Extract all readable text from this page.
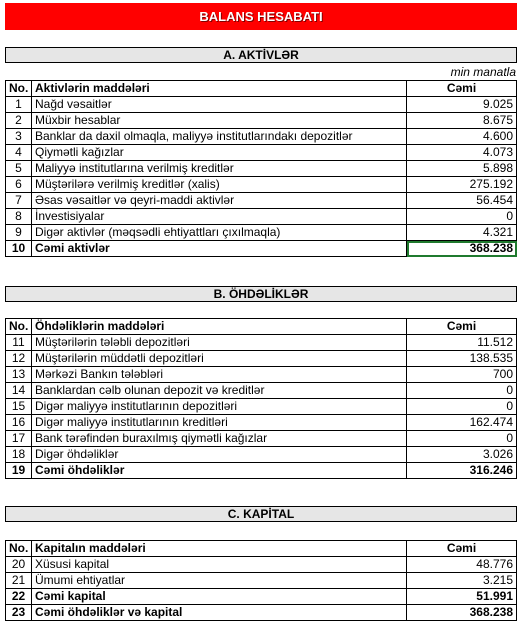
BALANS HESABATI
A. AKTİVLƏR
min manatla
No.	Aktivlərin maddələri	Cəmi
1	Nağd vəsaitlər	9.025
2	Müxbir hesablar	8.675
3	Banklar da daxil olmaqla, maliyyə institutlarındakı depozitlər	4.600
4	Qiymətli kağızlar	4.073
5	Maliyyə institutlarına verilmiş kreditlər	5.898
6	Müştərilərə verilmiş kreditlər (xalis)	275.192
7	Əsas vəsaitlər və qeyri-maddi aktivlər	56.454
8	İnvestisiyalar	0
9	Digər aktivlər (məqsədli ehtiyattları çıxılmaqla)	4.321
10	Cəmi aktivlər	368.238
B. ÖHDƏLİKLƏR
No.	Öhdəliklərin maddələri	Cəmi
11	Müştərilərin tələbli depozitləri	11.512
12	Müştərilərin müddətli depozitləri	138.535
13	Mərkəzi Bankın tələbləri	700
14	Banklardan cəlb olunan depozit və kreditlər	0
15	Digər maliyyə institutlarının depozitləri	0
16	Digər maliyyə institutlarının kreditləri	162.474
17	Bank tərəfindən buraxılmış qiymətli kağızlar	0
18	Digər öhdəliklər	3.026
19	Cəmi öhdəliklər	316.246
C. KAPİTAL
No.	Kapitalın maddələri	Cəmi
20	Xüsusi kapital	48.776
21	Ümumi ehtiyatlar	3.215
22	Cəmi kapital	51.991
23	Cəmi öhdəliklər və kapital	368.238
